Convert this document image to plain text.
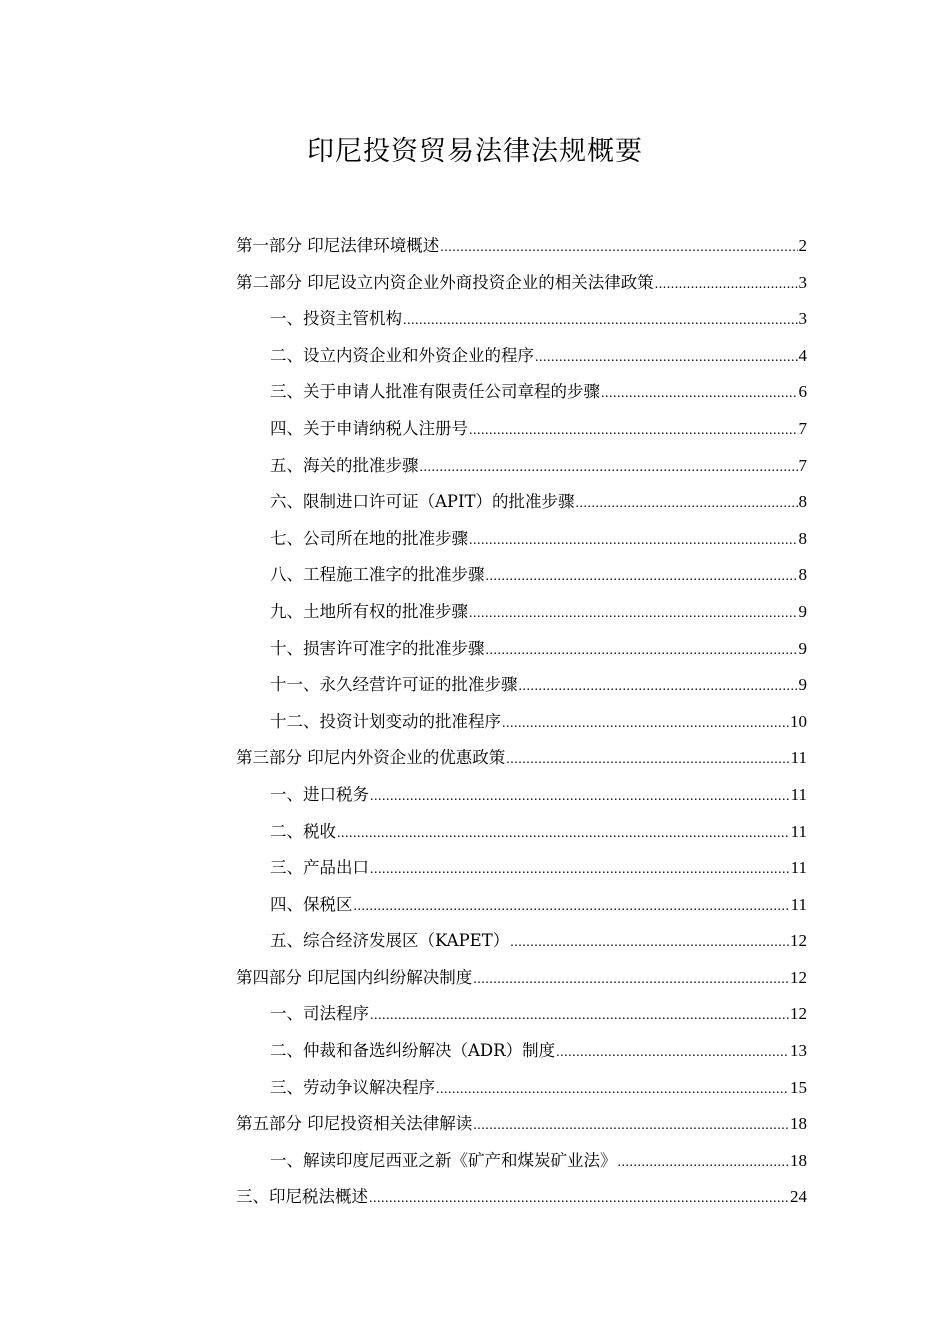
印尼投资贸易法律法规概要
第一部分 印尼法律环境概述 .....	2
第二部分 印尼设立内资企业外商投资企业的相关法律政策 .....	3
一、投资主管机构 .....	3
二、设立内资企业和外资企业的程序 .....	4
三、关于申请人批准有限责任公司章程的步骤 .....	6
四、关于申请纳税人注册号 .....	7
五、海关的批准步骤 .....	7
六、限制进口许可证（APIT）的批准步骤 .....	8
七、公司所在地的批准步骤 .....	8
八、工程施工准字的批准步骤 .....	8
九、土地所有权的批准步骤 .....	9
十、损害许可准字的批准步骤 .....	9
十一、永久经营许可证的批准步骤 .....	9
十二、投资计划变动的批准程序 .....	10
第三部分 印尼内外资企业的优惠政策 .....	11
一、进口税务 .....	11
二、税收 .....	11
三、产品出口 .....	11
四、保税区 .....	11
五、综合经济发展区（KAPET） .....	12
第四部分 印尼国内纠纷解决制度 .....	12
一、司法程序 .....	12
二、仲裁和备选纠纷解决（ADR）制度 .....	13
三、劳动争议解决程序 .....	15
第五部分 印尼投资相关法律解读 .....	18
一、解读印度尼西亚之新《矿产和煤炭矿业法》 .....	18
三、印尼税法概述 .....	24
